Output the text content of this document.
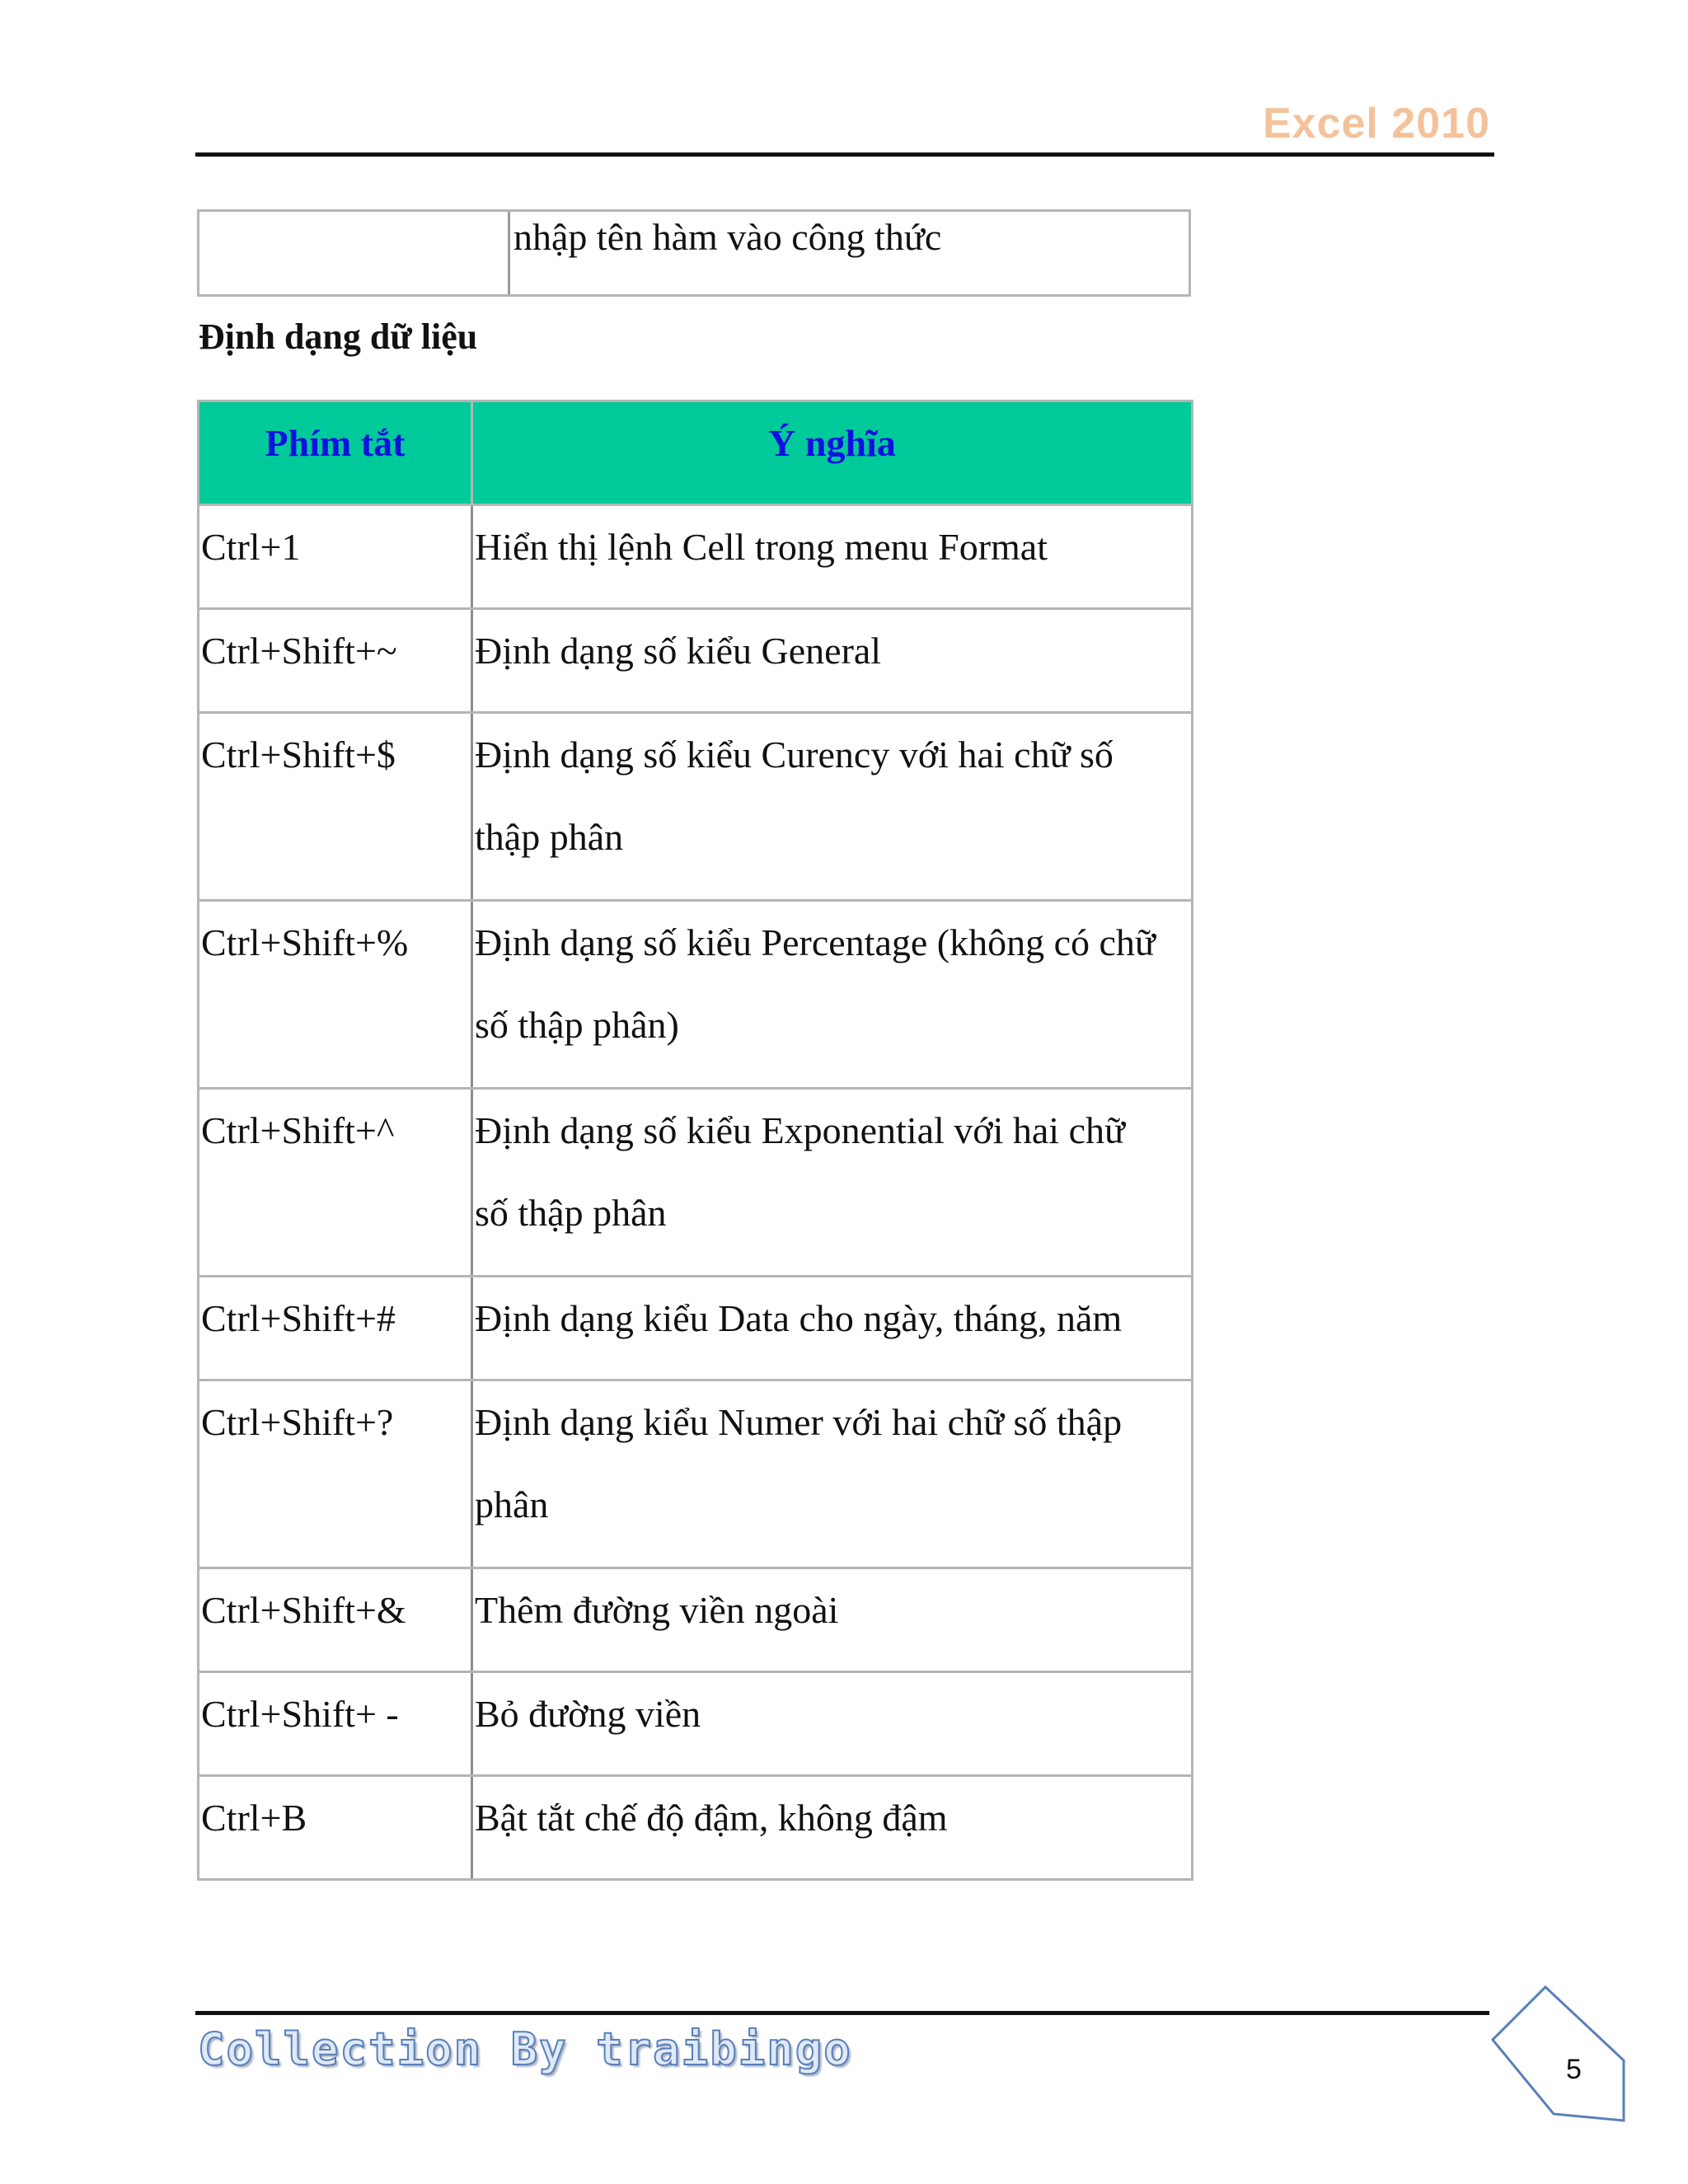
Excel 2010
nhập tên hàm vào công thức
Định dạng dữ liệu
Phím tắt	Ý nghĩa
Ctrl+1	Hiển thị lệnh Cell trong menu Format

Ctrl+Shift+~	Định dạng số kiểu General

Ctrl+Shift+$	Định dạng số kiểu Curency với hai chữ số
thập phân

Ctrl+Shift+%	Định dạng số kiểu Percentage (không có chữ
số thập phân)

Ctrl+Shift+^	Định dạng số kiểu Exponential với hai chữ
số thập phân

Ctrl+Shift+#	Định dạng kiểu Data cho ngày, tháng, năm

Ctrl+Shift+?	Định dạng kiểu Numer với hai chữ số thập
phân

Ctrl+Shift+&	Thêm đường viền ngoài

Ctrl+Shift+ -	Bỏ đường viền

Ctrl+B	Bật tắt chế độ đậm, không đậm
Collection By traibingo	5
